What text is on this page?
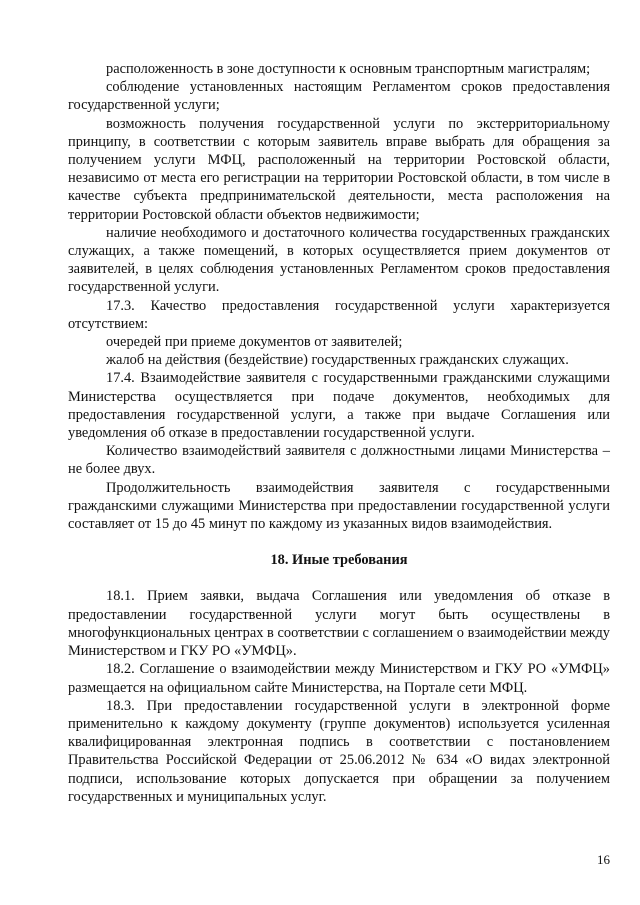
расположенность в зоне доступности к основным транспортным магистралям;

соблюдение установленных настоящим Регламентом сроков предоставления государственной услуги;

возможность получения государственной услуги по экстерриториальному принципу, в соответствии с которым заявитель вправе выбрать для обращения за получением услуги МФЦ, расположенный на территории Ростовской области, независимо от места его регистрации на территории Ростовской области, в том числе в качестве субъекта предпринимательской деятельности, места расположения на территории Ростовской области объектов недвижимости;

наличие необходимого и достаточного количества государственных гражданских служащих, а также помещений, в которых осуществляется прием документов от заявителей, в целях соблюдения установленных Регламентом сроков предоставления государственной услуги.

17.3. Качество предоставления государственной услуги характеризуется отсутствием:

очередей при приеме документов от заявителей;

жалоб на действия (бездействие) государственных гражданских служащих.

17.4. Взаимодействие заявителя с государственными гражданскими служащими Министерства осуществляется при подаче документов, необходимых для предоставления государственной услуги, а также при выдаче Соглашения или уведомления об отказе в предоставлении государственной услуги.

Количество взаимодействий заявителя с должностными лицами Министерства – не более двух.

Продолжительность взаимодействия заявителя с государственными гражданскими служащими Министерства при предоставлении государственной услуги составляет от 15 до 45 минут по каждому из указанных видов взаимодействия.

18. Иные требования

18.1. Прием заявки, выдача Соглашения или уведомления об отказе в предоставлении государственной услуги могут быть осуществлены в многофункциональных центрах в соответствии с соглашением о взаимодействии между Министерством и ГКУ РО «УМФЦ».

18.2. Соглашение о взаимодействии между Министерством и ГКУ РО «УМФЦ» размещается на официальном сайте Министерства, на Портале сети МФЦ.

18.3. При предоставлении государственной услуги в электронной форме применительно к каждому документу (группе документов) используется усиленная квалифицированная электронная подпись в соответствии с постановлением Правительства Российской Федерации от 25.06.2012 № 634 «О видах электронной подписи, использование которых допускается при обращении за получением государственных и муниципальных услуг.

16
